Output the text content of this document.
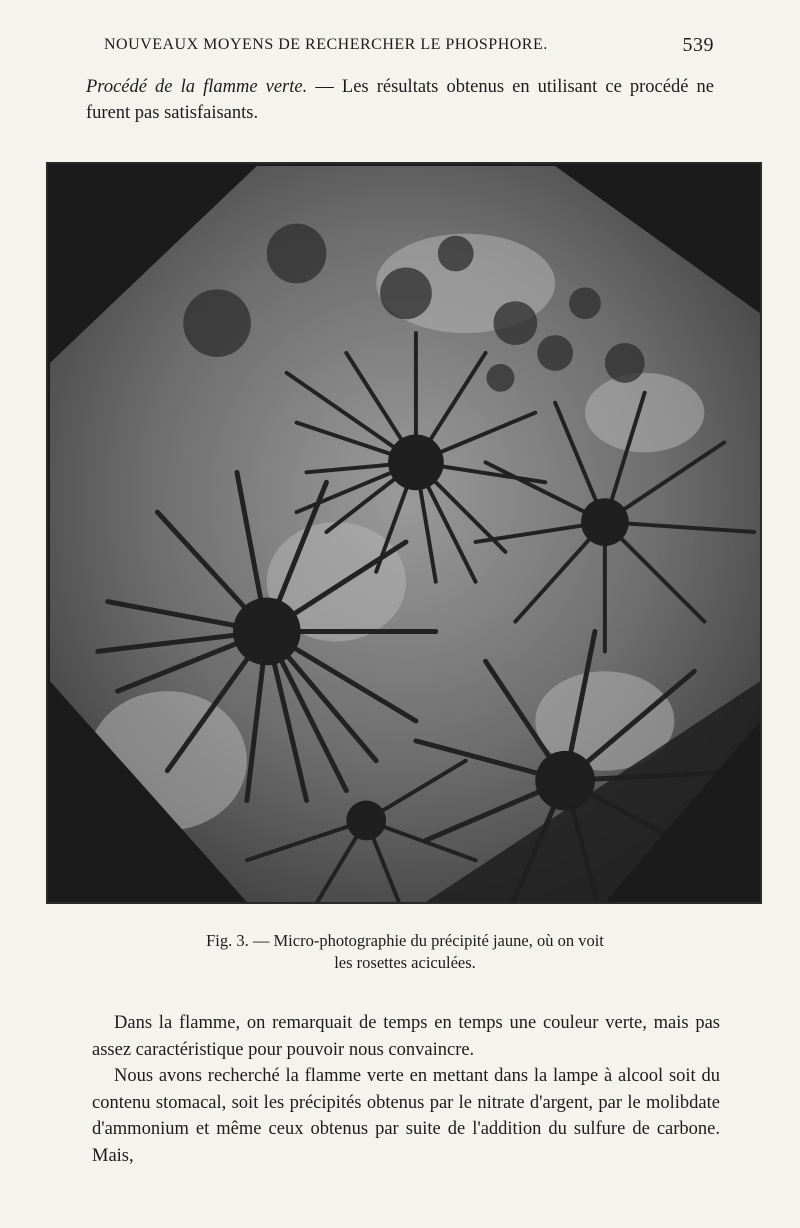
NOUVEAUX MOYENS DE RECHERCHER LE PHOSPHORE.	539
Procédé de la flamme verte. — Les résultats obtenus en utilisant ce procédé ne furent pas satisfaisants.
Fig. 3. — Micro-photographie du précipité jaune, où on voit
les rosettes aciculées.

Dans la flamme, on remarquait de temps en temps une couleur verte, mais pas assez caractéristique pour pouvoir nous convaincre.

Nous avons recherché la flamme verte en mettant dans la lampe à alcool soit du contenu stomacal, soit les précipités obtenus par le nitrate d'argent, par le molibdate d'ammonium et même ceux obtenus par suite de l'addition du sulfure de carbone. Mais,
